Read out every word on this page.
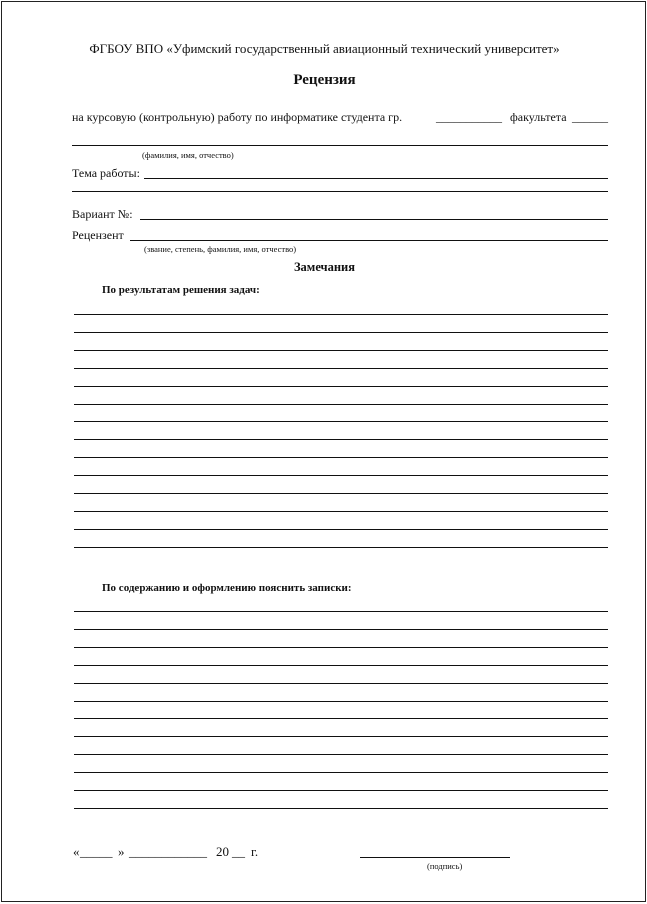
ФГБОУ ВПО «Уфимский государственный авиационный технический университет»
Рецензия
на курсовую (контрольную) работу по информатике студента гр.	___________ факультета ______
(фамилия, имя, отчество)
Тема работы:
Вариант №:
Рецензент
(звание, степень, фамилия, имя, отчество)
Замечания
По результатам решения задач:
По содержанию и оформлению пояснить записки:
« _____ » ____________ 20 __ г.
(подпись)
